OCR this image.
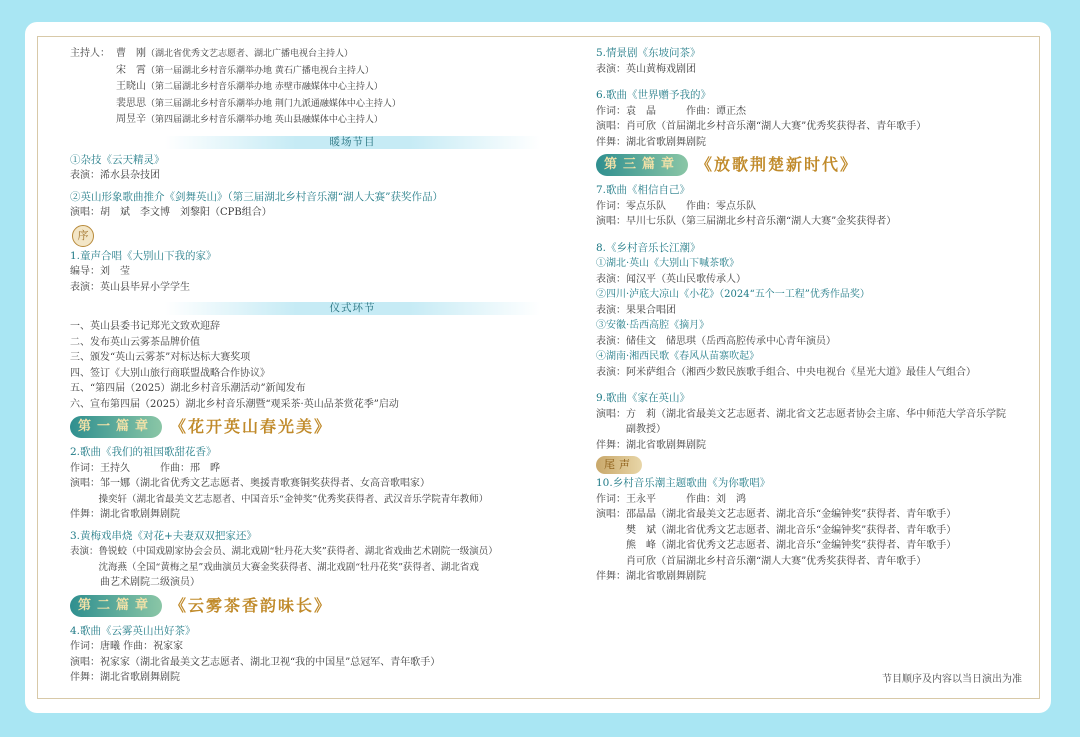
主持人： 曹　刚（湖北省优秀文艺志愿者、湖北广播电视台主持人）

宋　霄（第一届湖北乡村音乐潮举办地 黄石广播电视台主持人）

王晓山（第二届湖北乡村音乐潮举办地 赤壁市融媒体中心主持人）

裴思思（第三届湖北乡村音乐潮举办地 荆门九派通融媒体中心主持人）

周昱辛（第四届湖北乡村音乐潮举办地 英山县融媒体中心主持人）

暖场节目

①杂技《云天精灵》

表演：浠水县杂技团

②英山形象歌曲推介《剑舞英山》（第三届湖北乡村音乐潮“湖人大赛”获奖作品）

演唱：胡　斌　李文博　刘黎阳（CPB组合）

序

1.童声合唱《大别山下我的家》

编导：刘　莹

表演：英山县毕昇小学学生

仪式环节

一、英山县委书记郑光文致欢迎辞

二、发布英山云雾茶品牌价值

三、颁发“英山云雾茶”对标达标大赛奖项

四、签订《大别山旅行商联盟战略合作协议》

五、“第四届（2025）湖北乡村音乐潮活动”新闻发布

六、宣布第四届（2025）湖北乡村音乐潮暨“观采茶·英山品茶赏花季”启动

第一篇章 《花开英山春光美》

2.歌曲《我们的祖国歌甜花香》

作词：王持久　　　作曲：邢　晔

演唱：邹一娜（湖北省优秀文艺志愿者、奥援青歌赛铜奖获得者、女高音歌唱家）

　　　操奕轩（湖北省最美文艺志愿者、中国音乐“金钟奖”优秀奖获得者、武汉音乐学院青年教师）

伴舞：湖北省歌剧舞剧院

3.黄梅戏串烧《对花+夫妻双双把家还》

表演：鲁锐蛟（中国戏剧家协会会员、湖北戏剧“牡丹花大奖”获得者、湖北省戏曲艺术剧院一级演员）

　　　沈海燕（全国“黄梅之星”戏曲演员大赛金奖获得者、湖北戏剧“牡丹花奖”获得者、湖北省戏

　　　曲艺术剧院二级演员）

第二篇章 《云雾茶香韵味长》

4.歌曲《云雾英山出好茶》

作词：唐曦 作曲：祝家家

演唱：祝家家（湖北省最美文艺志愿者、湖北卫视“我的中国星”总冠军、青年歌手）

伴舞：湖北省歌剧舞剧院

5.情景剧《东坡问茶》

表演：英山黄梅戏剧团

6.歌曲《世界赠予我的》

作词：袁　晶　　　作曲：谭正杰

演唱：肖可欣（首届湖北乡村音乐潮“湖人大赛”优秀奖获得者、青年歌手）

伴舞：湖北省歌剧舞剧院

第三篇章 《放歌荆楚新时代》

7.歌曲《相信自己》

作词：零点乐队　　作曲：零点乐队

演唱：早川七乐队（第三届湖北乡村音乐潮“湖人大赛”金奖获得者）

8.《乡村音乐长江潮》

①湖北·英山《大别山下喊茶歌》

表演：闻汉平（英山民歌传承人）

②四川·泸底大凉山《小花》（2024“五个一工程”优秀作品奖）

表演：果果合唱团

③安徽·岳西高腔《摘月》

表演：储佳文　储思琪（岳西高腔传承中心青年演员）

④湖南·湘西民歌《春风从苗寨吹起》

表演：阿米萨组合（湘西少数民族歌手组合、中央电视台《星光大道》最佳人气组合）

9.歌曲《家在英山》

演唱：方　莉（湖北省最美文艺志愿者、湖北省文艺志愿者协会主席、华中师范大学音乐学院

　　　副教授）

伴舞：湖北省歌剧舞剧院

尾声

10.乡村音乐潮主题歌曲《为你歌唱》

作词：王永平　　　作曲：刘　鸿

演唱：邵晶晶（湖北省最美文艺志愿者、湖北音乐“金编钟奖”获得者、青年歌手）

　　　樊　斌（湖北省优秀文艺志愿者、湖北音乐“金编钟奖”获得者、青年歌手）

　　　熊　峰（湖北省优秀文艺志愿者、湖北音乐“金编钟奖”获得者、青年歌手）

　　　肖可欣（首届湖北乡村音乐潮“湖人大赛”优秀奖获得者、青年歌手）

伴舞：湖北省歌剧舞剧院

节目顺序及内容以当日演出为准
